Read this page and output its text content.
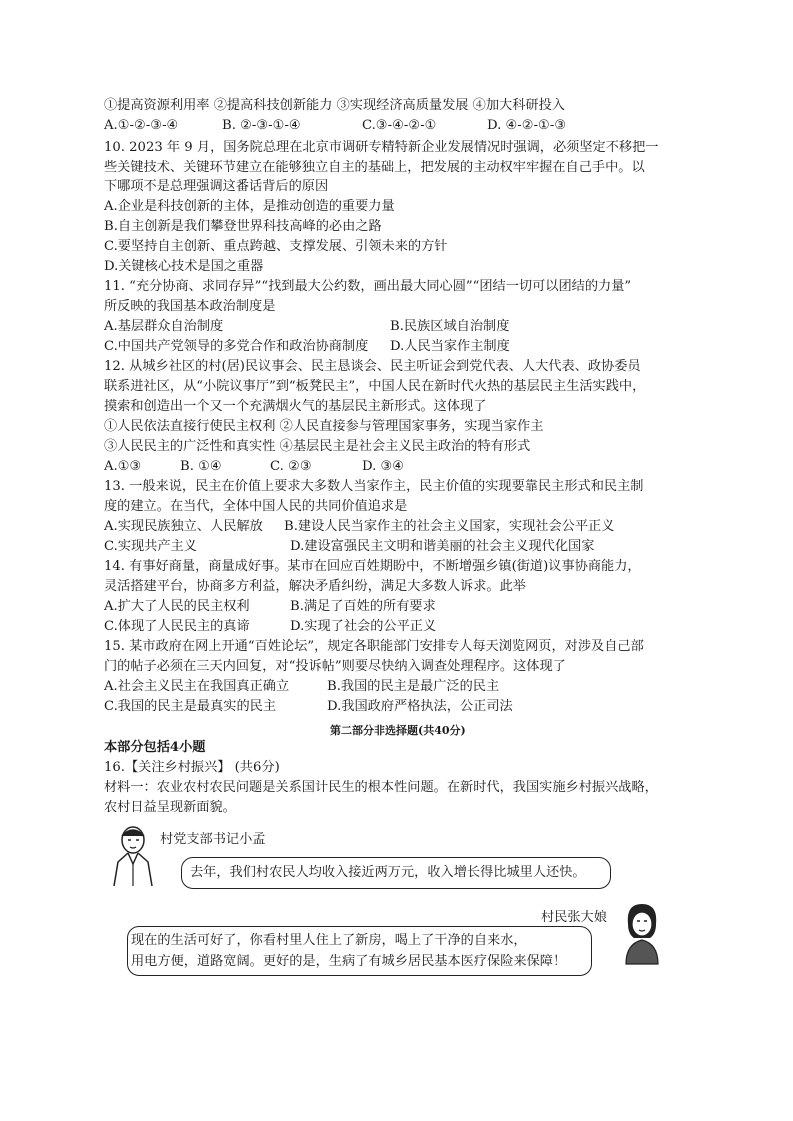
①提高资源利用率 ②提高科技创新能力 ③实现经济高质量发展 ④加大科研投入
A.①-②-③-④	B. ②-③-①-④	C.③-④-②-①	D. ④-②-①-③
10. 2023 年 9 月，国务院总理在北京市调研专精特新企业发展情况时强调，必须坚定不移把一
些关键技术、关键环节建立在能够独立自主的基础上，把发展的主动权牢牢握在自己手中。以
下哪项不是总理强调这番话背后的原因
A.企业是科技创新的主体，是推动创造的重要力量
B.自主创新是我们攀登世界科技高峰的必由之路
C.要坚持自主创新、重点跨越、支撑发展、引领未来的方针
D.关键核心技术是国之重器
11. “充分协商、求同存异”“找到最大公约数，画出最大同心圆”“团结一切可以团结的力量”
所反映的我国基本政治制度是
A.基层群众自治制度	B.民族区域自治制度
C.中国共产党领导的多党合作和政治协商制度 D.人民当家作主制度
12. 从城乡社区的村(居)民议事会、民主恳谈会、民主听证会到党代表、人大代表、政协委员
联系进社区，从“小院议事厅”到“板凳民主”，中国人民在新时代火热的基层民主生活实践中，
摸索和创造出一个又一个充满烟火气的基层民主新形式。这体现了
①人民依法直接行使民主权利 ②人民直接参与管理国家事务，实现当家作主
③人民民主的广泛性和真实性 ④基层民主是社会主义民主政治的特有形式
A.①③	B. ①④	C. ②③	D. ③④
13. 一般来说，民主在价值上要求大多数人当家作主，民主价值的实现要靠民主形式和民主制
度的建立。在当代，全体中国人民的共同价值追求是
A.实现民族独立、人民解放 B.建设人民当家作主的社会主义国家，实现社会公平正义
C.实现共产主义	D.建设富强民主文明和谐美丽的社会主义现代化国家
14. 有事好商量，商量成好事。某市在回应百姓期盼中，不断增强乡镇(街道)议事协商能力，
灵活搭建平台，协商多方利益，解决矛盾纠纷，满足大多数人诉求。此举
A.扩大了人民的民主权利	B.满足了百姓的所有要求
C.体现了人民民主的真谛	D.实现了社会的公平正义
15. 某市政府在网上开通“百姓论坛”，规定各职能部门安排专人每天浏览网页，对涉及自己部
门的帖子必须在三天内回复，对“投诉帖”则要尽快纳入调查处理程序。这体现了
A.社会主义民主在我国真正确立	B.我国的民主是最广泛的民主
C.我国的民主是最真实的民主	D.我国政府严格执法，公正司法
第二部分非选择题(共40分)
本部分包括4小题
16.【关注乡村振兴】 (共6分)
材料一：农业农村农民问题是关系国计民生的根本性问题。在新时代，我国实施乡村振兴战略，
农村日益呈现新面貌。
村党支部书记小孟
去年，我们村农民人均收入接近两万元，收入增长得比城里人还快。
村民张大娘
现在的生活可好了，你看村里人住上了新房，喝上了干净的自来水，
用电方便，道路宽阔。更好的是，生病了有城乡居民基本医疗保险来保障！
